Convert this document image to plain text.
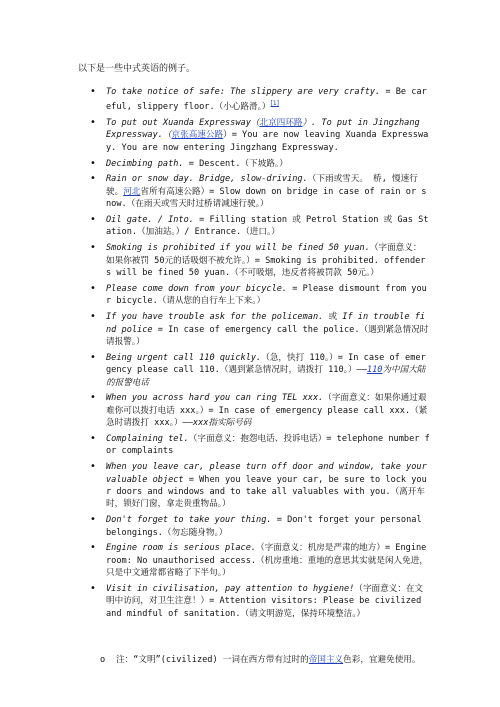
以下是一些中式英语的例子。
• To take notice of safe: The slippery are very crafty. = Be careful, slippery floor.（小心路滑。）[1]
• To put out Xuanda Expressway（北京四环路）. To put in Jingzhang Expressway.（京张高速公路）= You are now leaving Xuanda Expressway. You are now entering Jingzhang Expressway.
• Decimbing path. = Descent.（下坡路。）
• Rain or snow day. Bridge, slow-driving.（下雨或雪天。 桥, 慢速行驶。河北省所有高速公路）= Slow down on bridge in case of rain or snow.（在雨天或雪天时过桥请减速行驶。）
• Oil gate. / Into. = Filling station 或 Petrol Station 或 Gas Station.（加油站。）/ Entrance.（进口。）
• Smoking is prohibited if you will be fined 50 yuan.（字面意义：如果你被罚 50元的话吸烟不被允许。）= Smoking is prohibited. offenders will be fined 50 yuan.（不可吸烟，违反者将被罚款 50元。）
• Please come down from your bicycle. = Please dismount from your bicycle.（请从您的自行车上下来。）
• If you have trouble ask for the policeman. 或 If in trouble find police = In case of emergency call the police.（遇到紧急情况时请报警。）
• Being urgent call 110 quickly.（急，快打 110。）= In case of emergency please call 110.（遇到紧急情况时，请拨打 110。）——110为中国大陆的报警电话
• When you across hard you can ring TEL xxx.（字面意义：如果你通过艰难你可以拨打电话 xxx。）= In case of emergency please call xxx.（紧急时请拨打 xxx。）——xxx指实际号码
• Complaining tel.（字面意义：抱怨电话、投诉电话）= telephone number for complaints
• When you leave car, please turn off door and window, take your valuable object = When you leave your car, be sure to lock your doors and windows and to take all valuables with you.（离开车时，锁好门窗，拿走贵重物品。）
• Don't forget to take your thing. = Don't forget your personal belongings.（勿忘随身物。）
• Engine room is serious place.（字面意义：机房是严肃的地方）= Engine room: No unauthorised access.（机房重地：重地的意思其实就是闲人免进，只是中文通常都省略了下半句。）
• Visit in civilisation, pay attention to hygiene!（字面意义：在文明中访问，对卫生注意！）= Attention visitors: Please be civilized and mindful of sanitation.（请文明游览，保持环境整洁。）
o 注：“文明”(civilized) 一词在西方带有过时的帝国主义色彩，宜避免使用。
